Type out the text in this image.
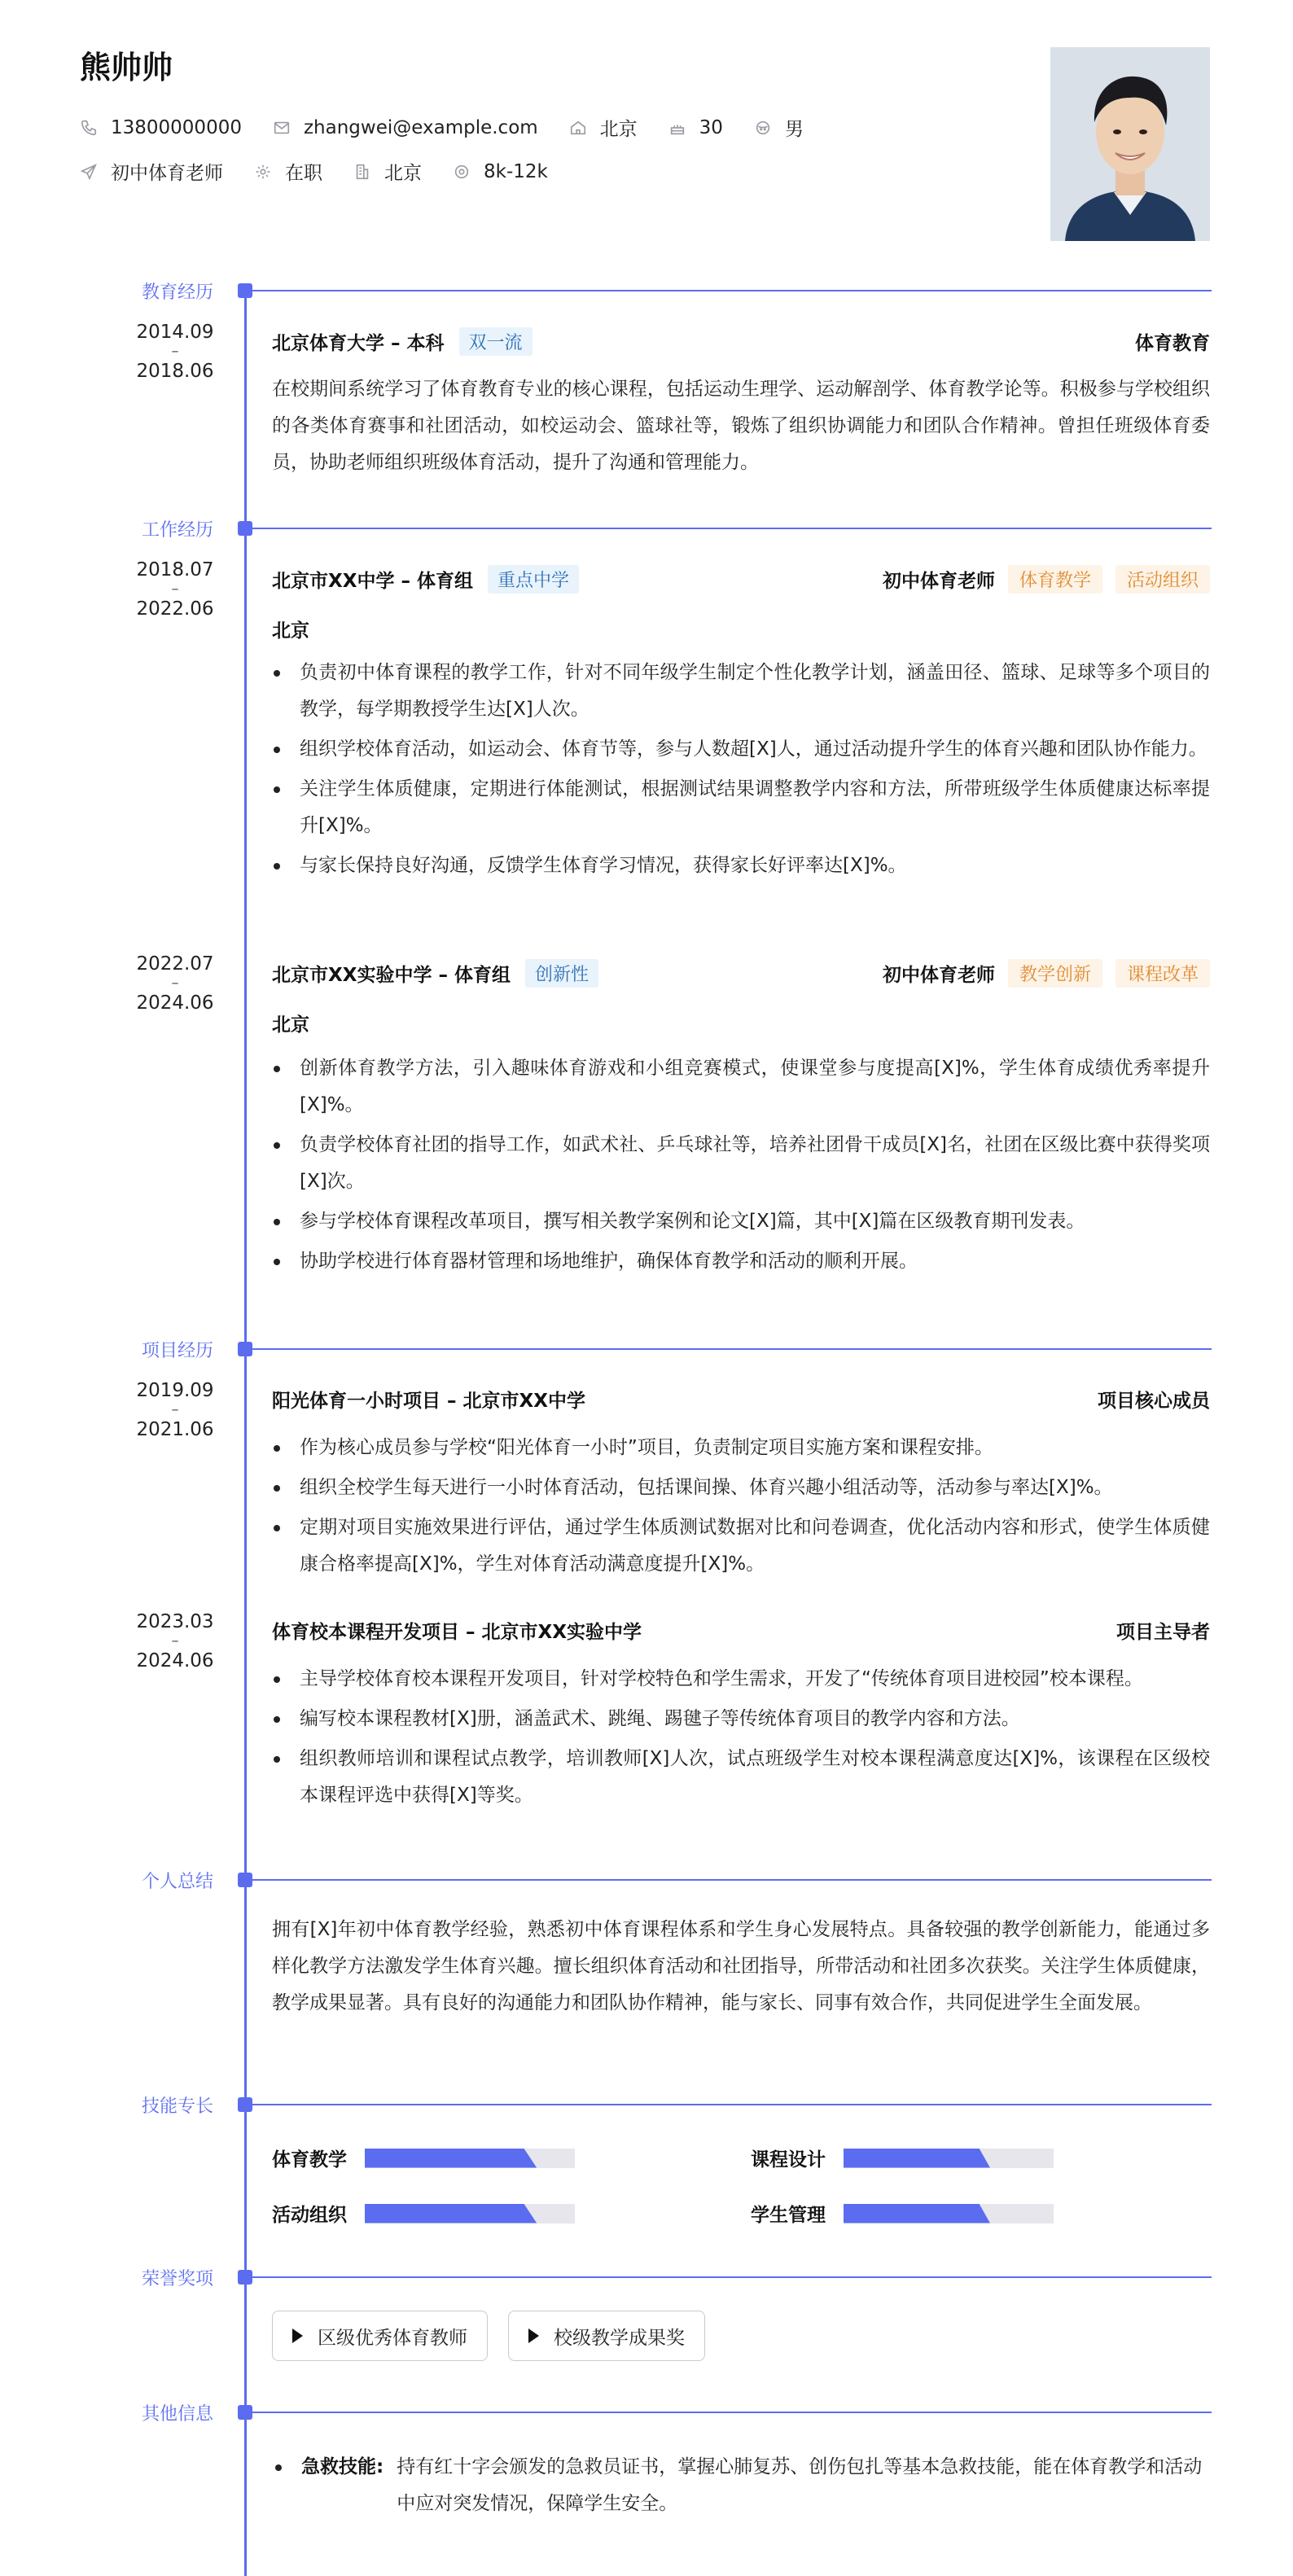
熊帅帅
13800000000	zhangwei@example.com	北京	30	男
初中体育老师	在职	北京	8k-12k
教育经历
2014.09
–
2018.06
北京体育大学 – 本科	双一流	体育教育
在校期间系统学习了体育教育专业的核心课程，包括运动生理学、运动解剖学、体育教学论等。积极参与学校组织的各类体育赛事和社团活动，如校运动会、篮球社等，锻炼了组织协调能力和团队合作精神。曾担任班级体育委员，协助老师组织班级体育活动，提升了沟通和管理能力。
工作经历
2018.07
–
2022.06
北京市XX中学 – 体育组	重点中学	初中体育老师	体育教学	活动组织
北京
负责初中体育课程的教学工作，针对不同年级学生制定个性化教学计划，涵盖田径、篮球、足球等多个项目的教学，每学期教授学生达[X]人次。
组织学校体育活动，如运动会、体育节等，参与人数超[X]人，通过活动提升学生的体育兴趣和团队协作能力。
关注学生体质健康，定期进行体能测试，根据测试结果调整教学内容和方法，所带班级学生体质健康达标率提升[X]%。
与家长保持良好沟通，反馈学生体育学习情况，获得家长好评率达[X]%。
2022.07
–
2024.06
北京市XX实验中学 – 体育组	创新性	初中体育老师	教学创新	课程改革
北京
创新体育教学方法，引入趣味体育游戏和小组竞赛模式，使课堂参与度提高[X]%，学生体育成绩优秀率提升[X]%。
负责学校体育社团的指导工作，如武术社、乒乓球社等，培养社团骨干成员[X]名，社团在区级比赛中获得奖项[X]次。
参与学校体育课程改革项目，撰写相关教学案例和论文[X]篇，其中[X]篇在区级教育期刊发表。
协助学校进行体育器材管理和场地维护，确保体育教学和活动的顺利开展。
项目经历
2019.09
–
2021.06
阳光体育一小时项目 – 北京市XX中学	项目核心成员
作为核心成员参与学校“阳光体育一小时”项目，负责制定项目实施方案和课程安排。
组织全校学生每天进行一小时体育活动，包括课间操、体育兴趣小组活动等，活动参与率达[X]%。
定期对项目实施效果进行评估，通过学生体质测试数据对比和问卷调查，优化活动内容和形式，使学生体质健康合格率提高[X]%，学生对体育活动满意度提升[X]%。
2023.03
–
2024.06
体育校本课程开发项目 – 北京市XX实验中学	项目主导者
主导学校体育校本课程开发项目，针对学校特色和学生需求，开发了“传统体育项目进校园”校本课程。
编写校本课程教材[X]册，涵盖武术、跳绳、踢毽子等传统体育项目的教学内容和方法。
组织教师培训和课程试点教学，培训教师[X]人次，试点班级学生对校本课程满意度达[X]%，该课程在区级校本课程评选中获得[X]等奖。
个人总结
拥有[X]年初中体育教学经验，熟悉初中体育课程体系和学生身心发展特点。具备较强的教学创新能力，能通过多样化教学方法激发学生体育兴趣。擅长组织体育活动和社团指导，所带活动和社团多次获奖。关注学生体质健康，教学成果显著。具有良好的沟通能力和团队协作精神，能与家长、同事有效合作，共同促进学生全面发展。
技能专长
体育教学	课程设计
活动组织	学生管理
荣誉奖项
区级优秀体育教师	校级教学成果奖
其他信息
急救技能: 持有红十字会颁发的急救员证书，掌握心肺复苏、创伤包扎等基本急救技能，能在体育教学和活动中应对突发情况，保障学生安全。
